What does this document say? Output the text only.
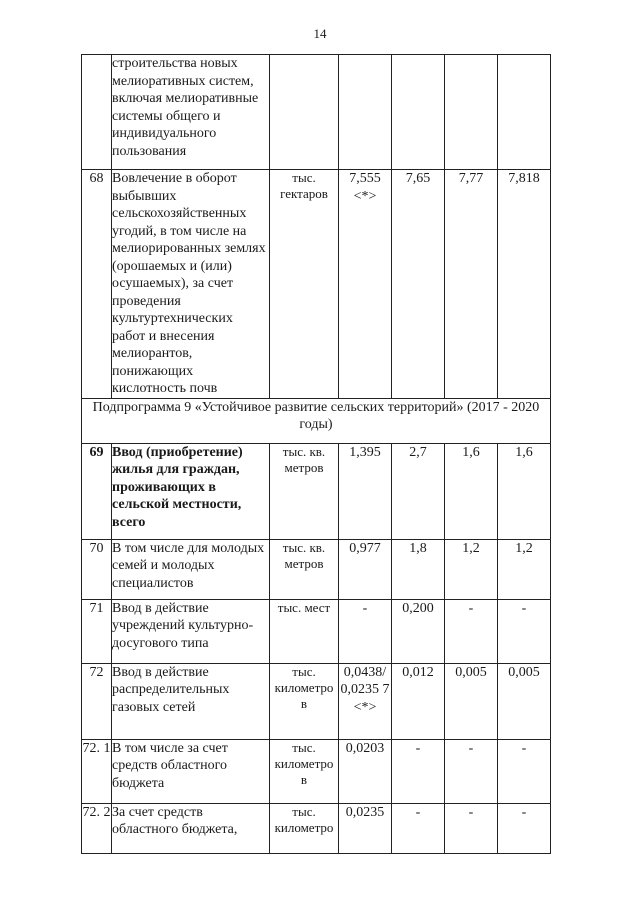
14
	строительства новых мелиоративных систем, включая мелиоративные системы общего и индивидуального пользования					
68	Вовлечение в оборот выбывших сельскохозяйственных угодий, в том числе на мелиорированных землях (орошаемых и (или) осушаемых), за счет проведения культуртехнических работ и внесения мелиорантов, понижающих кислотность почв	тыс. гектаров	7,555 <*>	7,65	7,77	7,818
Подпрограмма 9 «Устойчивое развитие сельских территорий» (2017 - 2020 годы)						
69	Ввод (приобретение) жилья для граждан, проживающих в сельской местности, всего	тыс. кв. метров	1,395	2,7	1,6	1,6
70	В том числе для молодых семей и молодых специалистов	тыс. кв. метров	0,977	1,8	1,2	1,2
71	Ввод в действие учреждений культурно-досугового типа	тыс. мест	-	0,200	-	-
72	Ввод в действие распределительных газовых сетей	тыс. километро в	0,0438/ 0,0235 7 <*>	0,012	0,005	0,005
72. 1	В том числе за счет средств областного бюджета	тыс. километро в	0,0203	-	-	-
72. 2	За счет средств областного бюджета,	тыс. километро	0,0235	-	-	-
